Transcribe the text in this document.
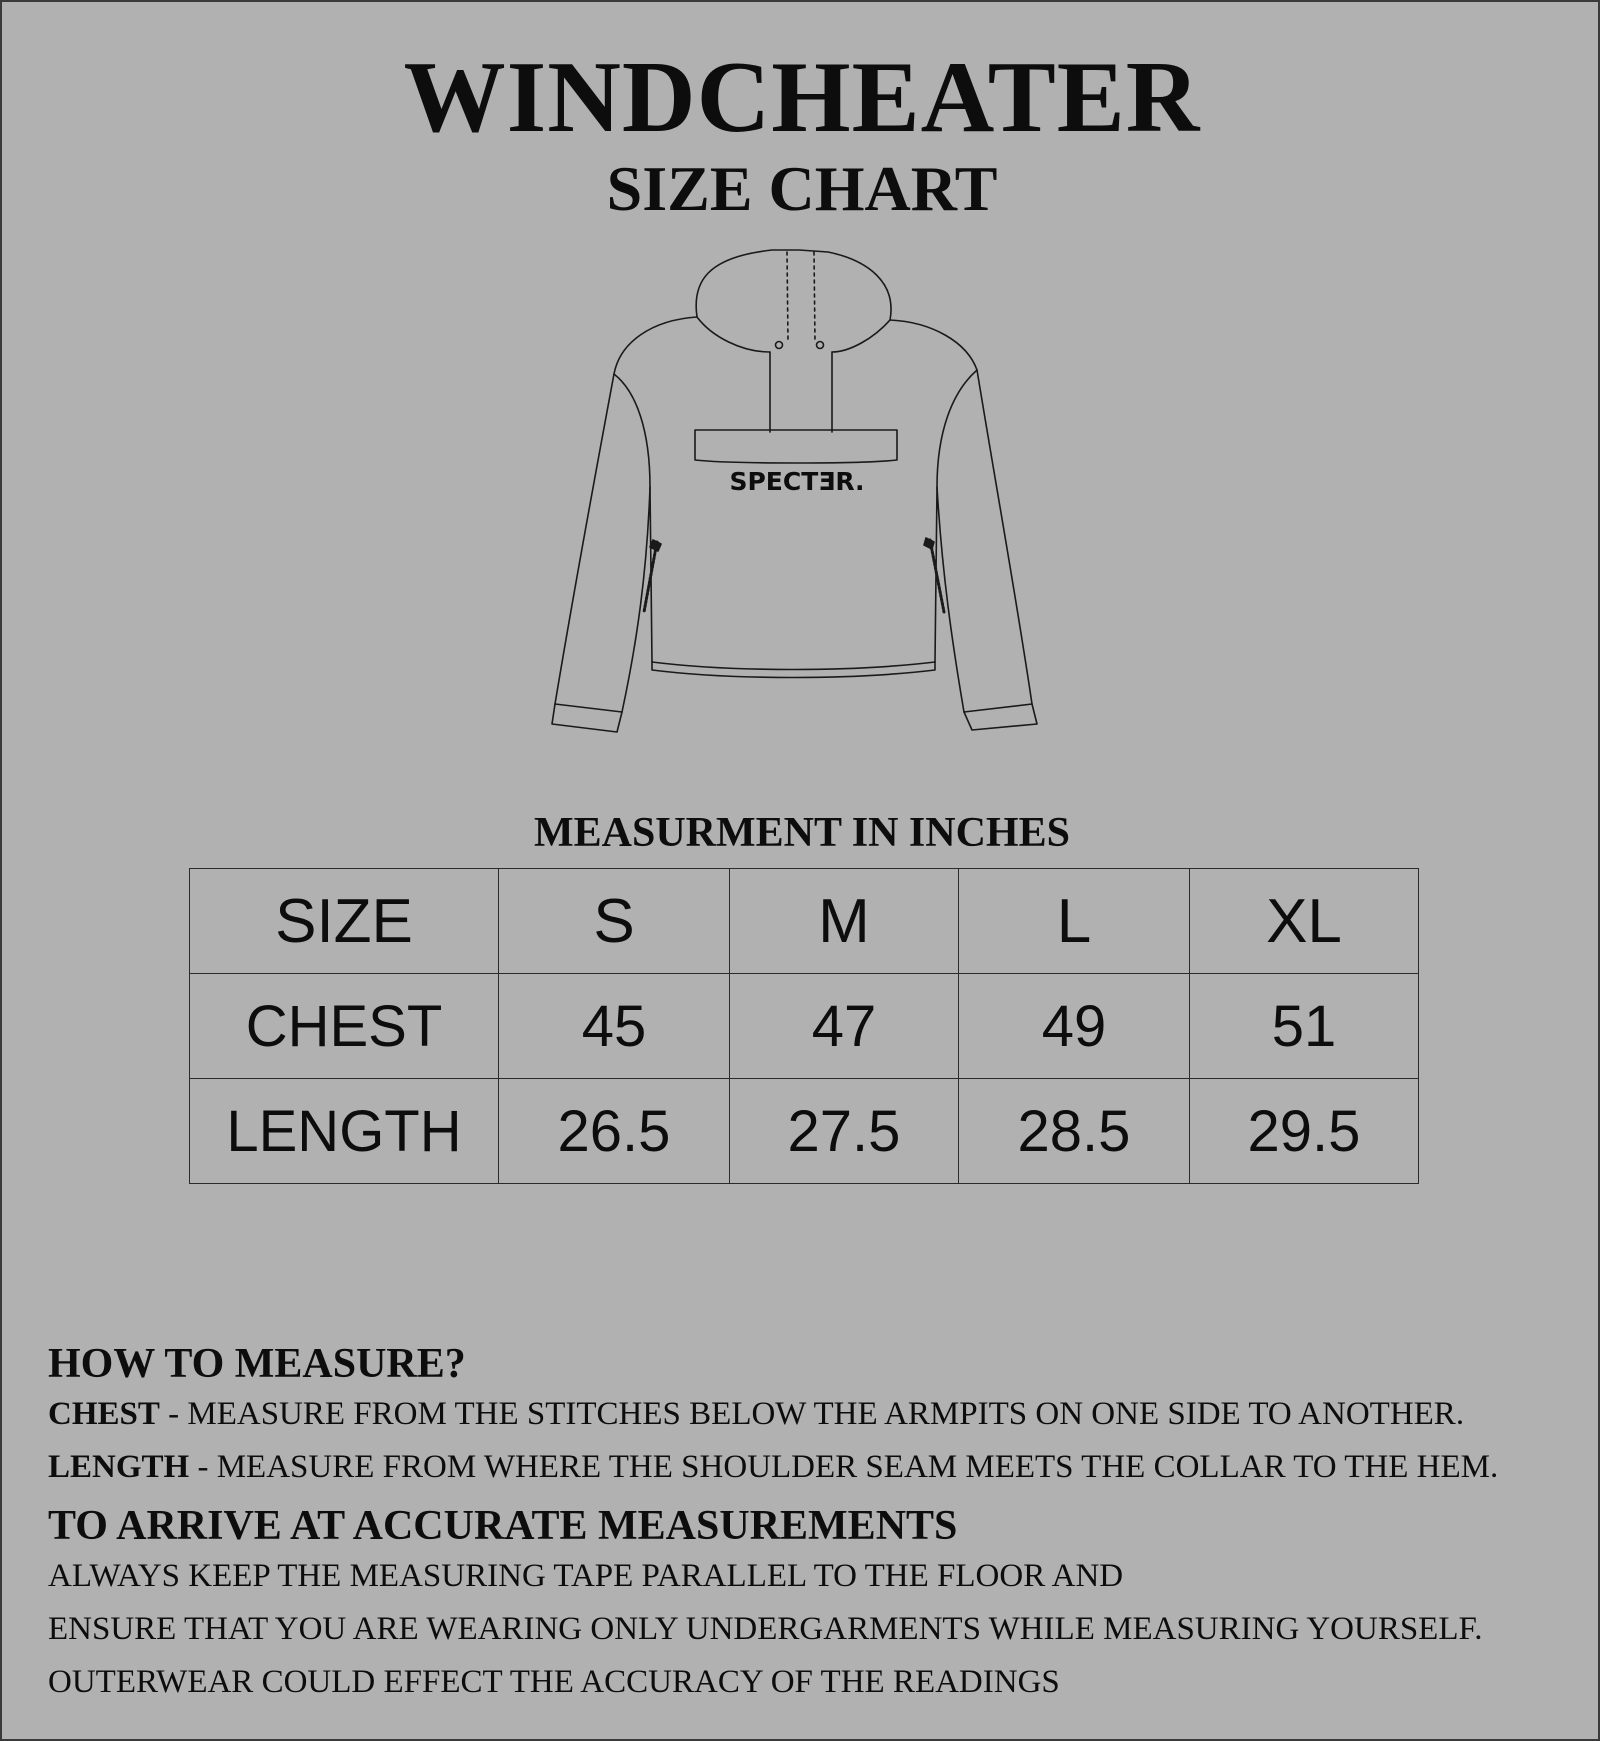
WINDCHEATER
SIZE CHART
SPECTƎR.
MEASURMENT IN INCHES
SIZE	S	M	L	XL
CHEST	45	47	49	51
LENGTH	26.5	27.5	28.5	29.5

HOW TO MEASURE?

CHEST - MEASURE FROM THE STITCHES BELOW THE ARMPITS ON ONE SIDE TO ANOTHER.

LENGTH - MEASURE FROM WHERE THE SHOULDER SEAM MEETS THE COLLAR TO THE HEM.

TO ARRIVE AT ACCURATE MEASUREMENTS

ALWAYS KEEP THE MEASURING TAPE PARALLEL TO THE FLOOR AND

ENSURE THAT YOU ARE WEARING ONLY UNDERGARMENTS WHILE MEASURING YOURSELF.

OUTERWEAR COULD EFFECT THE ACCURACY OF THE READINGS
